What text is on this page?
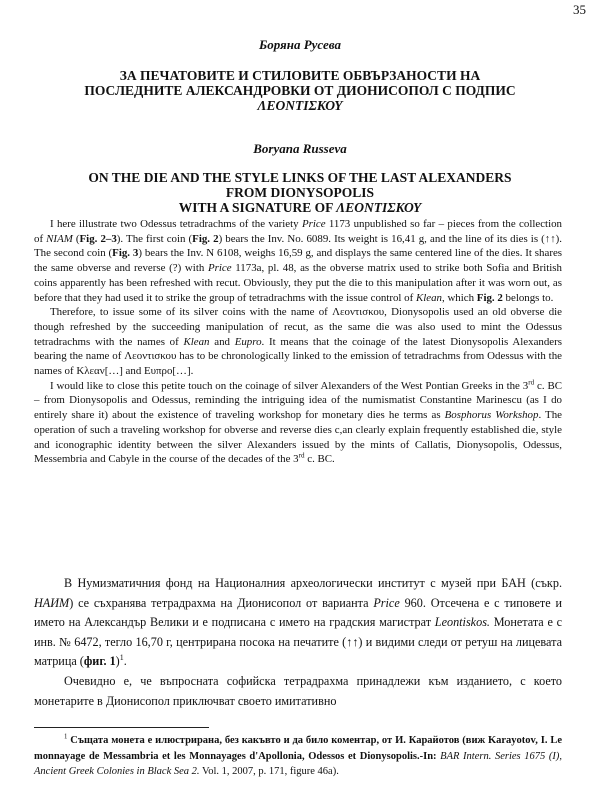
35
Боряна Русева
ЗА ПЕЧАТОВИТЕ И СТИЛОВИТЕ ОБВЪРЗАНОСТИ НА
ПОСЛЕДНИТЕ АЛЕКСАНДРОВКИ ОТ ДИОНИСОПОЛ С ПОДПИС
ΛΕΟΝΤΙΣΚΟΥ
Boryana Russeva
ON THE DIE AND THE STYLE LINKS OF THE LAST ALEXANDERS
FROM DIONYSOPOLIS
WITH A SIGNATURE OF ΛΕΟΝΤΙΣΚΟΥ

I here illustrate two Odessus tetradrachms of the variety Price 1173 unpublished so far – pieces from the collection of NIAM (Fig. 2–3). The first coin (Fig. 2) bears the Inv. No. 6089. Its weight is 16,41 g, and the line of its dies is (↑↑). The second coin (Fig. 3) bears the Inv. N 6108, weighs 16,59 g, and displays the same centered line of the dies. It shares the same obverse and reverse (?) with Price 1173a, pl. 48, as the obverse matrix used to strike both Sofia and British coins apparently has been refreshed with recut. Obviously, they put the die to this manipulation after it was worn out, as before that they had used it to strike the group of tetradrachms with the issue control of Klean, which Fig. 2 belongs to.

Therefore, to issue some of its silver coins with the name of Λεοντισκου, Dionysopolis used an old obverse die though refreshed by the succeeding manipulation of recut, as the same die was also used to mint the Odessus tetradrachms with the names of Klean and Eupro. It means that the coinage of the latest Dionysopolis Alexanders bearing the name of Λεοντισκου has to be chronologically linked to the emission of tetradrachms from Odessus with the names of Κλεαν[…] and Ευπρο[…].

I would like to close this petite touch on the coinage of silver Alexanders of the West Pontian Greeks in the 3rd c. BC – from Dionysopolis and Odessus, reminding the intriguing idea of the numismatist Constantine Marinescu (as I do entirely share it) about the existence of traveling workshop for monetary dies he terms as Bosphorus Workshop. The operation of such a traveling workshop for obverse and reverse dies c,an clearly explain frequently established die, style and iconographic identity between the silver Alexanders issued by the mints of Callatis, Dionysopolis, Odessus, Messembria and Cabyle in the course of the decades of the 3rd c. BC.

В Нумизматичния фонд на Националния археологически институт с музей при БАН (съкр. НАИМ) се съхранява тетрадрахма на Дионисопол от варианта Price 960. Отсечена е с типовете и името на Александър Велики и е подписана с името на градския магистрат Leontiskos. Монетата е с инв. № 6472, тегло 16,70 г, центрирана посока на печатите (↑↑) и видими следи от ретуш на лицевата матрица (фиг. 1)$^1$.

Очевидно е, че въпросната софийска тетрадрахма принадлежи към изданието, с което монетарите в Дионисопол приключват своето имитативно

$^1$ Същата монета е илюстрирана, без какъвто и да било коментар, от И. Карайотов (виж Karayotov, I. Le monnayage de Messambria et les Monnayages d'Apollonia, Odessos et Dionysopolis.-In: BAR Intern. Series 1675 (I), Ancient Greek Colonies in Black Sea 2. Vol. 1, 2007, p. 171, figure 46a).
